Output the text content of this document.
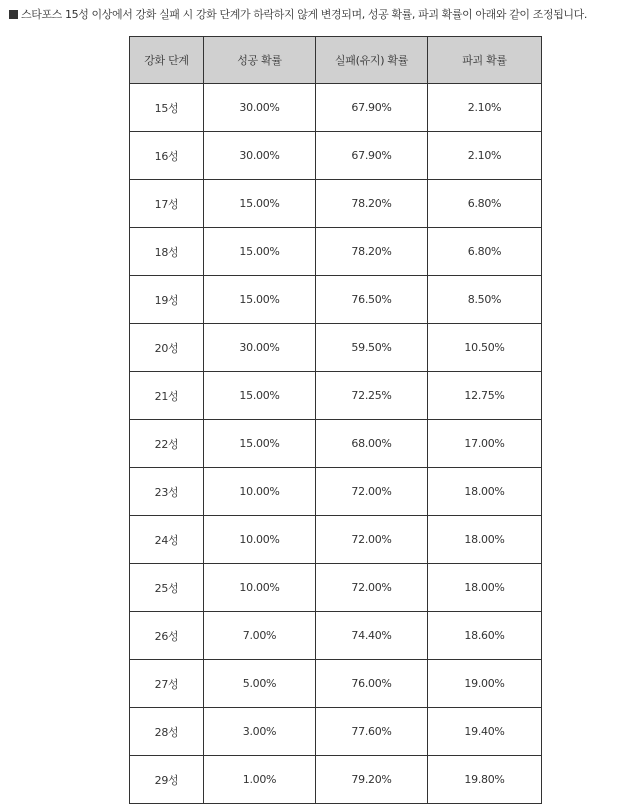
스타포스 15성 이상에서 강화 실패 시 강화 단계가 하락하지 않게 변경되며, 성공 확률, 파괴 확률이 아래와 같이 조정됩니다.
강화 단계	성공 확률	실패(유지) 확률	파괴 확률
15성	30.00%	67.90%	2.10%
16성	30.00%	67.90%	2.10%
17성	15.00%	78.20%	6.80%
18성	15.00%	78.20%	6.80%
19성	15.00%	76.50%	8.50%
20성	30.00%	59.50%	10.50%
21성	15.00%	72.25%	12.75%
22성	15.00%	68.00%	17.00%
23성	10.00%	72.00%	18.00%
24성	10.00%	72.00%	18.00%
25성	10.00%	72.00%	18.00%
26성	7.00%	74.40%	18.60%
27성	5.00%	76.00%	19.00%
28성	3.00%	77.60%	19.40%
29성	1.00%	79.20%	19.80%
